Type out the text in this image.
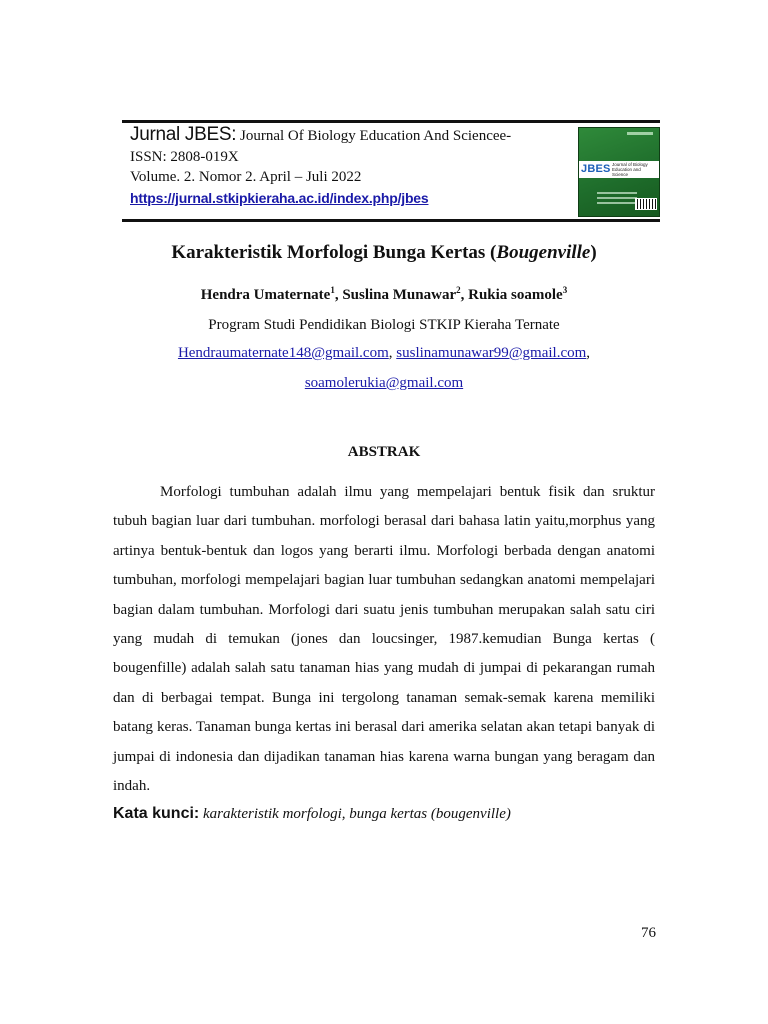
Jurnal JBES: Journal Of Biology Education And Sciencee-
ISSN: 2808-019X
Volume. 2. Nomor 2. April – Juli 2022
https://jurnal.stkipkieraha.ac.id/index.php/jbes
JBES Journal of Biology Education and Science
Karakteristik Morfologi Bunga Kertas (Bougenville)
Hendra Umaternate$^1$, Suslina Munawar$^2$, Rukia soamole$^3$
Program Studi Pendidikan Biologi STKIP Kieraha Ternate
Hendraumaternate148@gmail.com, suslinamunawar99@gmail.com,
soamolerukia@gmail.com
ABSTRAK

Morfologi tumbuhan adalah ilmu yang mempelajari bentuk fisik dan sruktur tubuh bagian luar dari tumbuhan. morfologi berasal dari bahasa latin yaitu,morphus yang artinya bentuk-bentuk dan logos yang berarti ilmu. Morfologi berbada dengan anatomi tumbuhan, morfologi mempelajari bagian luar tumbuhan sedangkan anatomi mempelajari bagian dalam tumbuhan. Morfologi dari suatu jenis tumbuhan merupakan salah satu ciri yang mudah di temukan (jones dan loucsinger, 1987.kemudian Bunga kertas ( bougenfille) adalah salah satu tanaman hias yang mudah di jumpai di pekarangan rumah dan di berbagai tempat. Bunga ini tergolong tanaman semak-semak karena memiliki batang keras. Tanaman bunga kertas ini berasal dari amerika selatan akan tetapi banyak di jumpai di indonesia dan dijadikan tanaman hias karena warna bungan yang beragam dan indah.

Kata kunci: karakteristik morfologi, bunga kertas (bougenville)
76
